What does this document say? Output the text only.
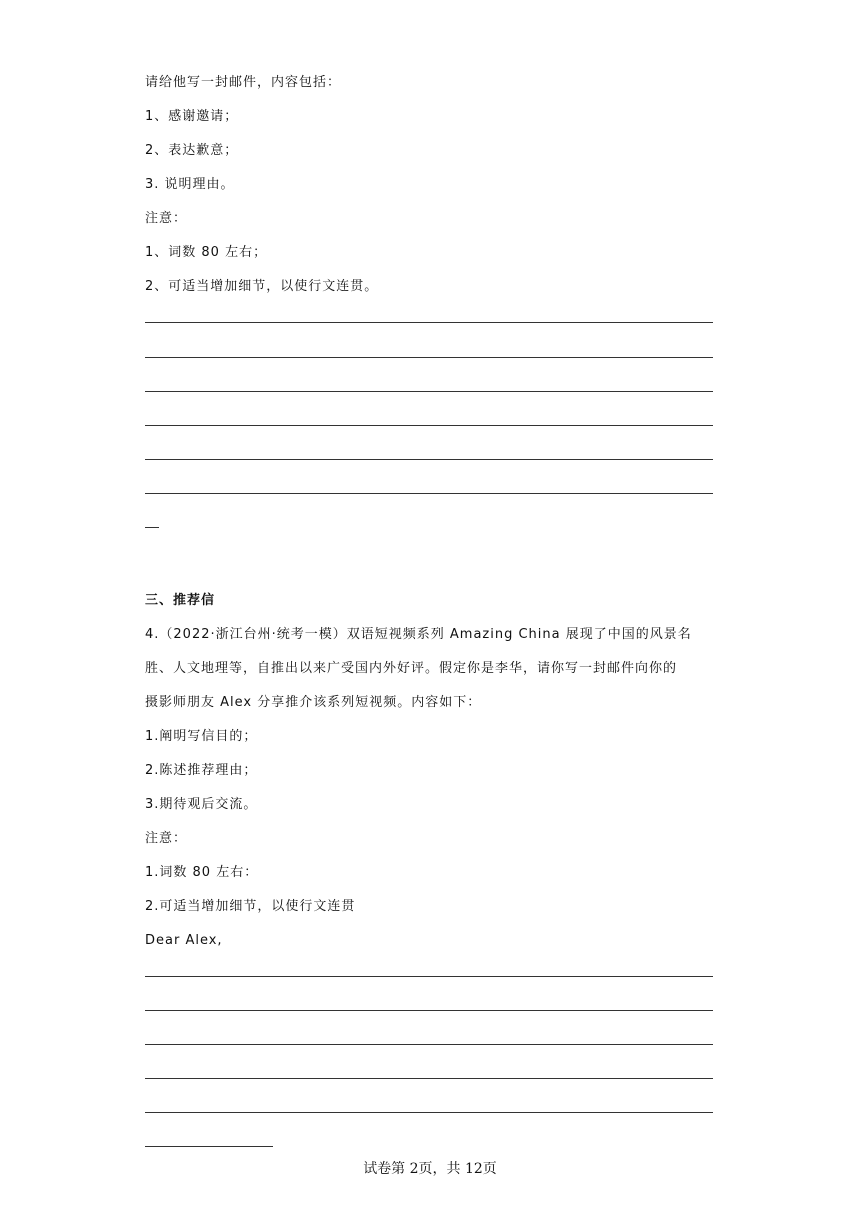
请给他写一封邮件，内容包括：
1、感谢邀请；
2、表达歉意；
3. 说明理由。
注意：
1、词数 80 左右；
2、可适当增加细节，以使行文连贯。
三、推荐信
4.（2022·浙江台州·统考一模）双语短视频系列 Amazing China 展现了中国的风景名
胜、人文地理等，自推出以来广受国内外好评。假定你是李华，请你写一封邮件向你的
摄影师朋友 Alex 分享推介该系列短视频。内容如下：
1.阐明写信目的；
2.陈述推荐理由；
3.期待观后交流。
注意：
1.词数 80 左右：
2.可适当增加细节，以使行文连贯
Dear Alex,
试卷第 2页，共 12页
